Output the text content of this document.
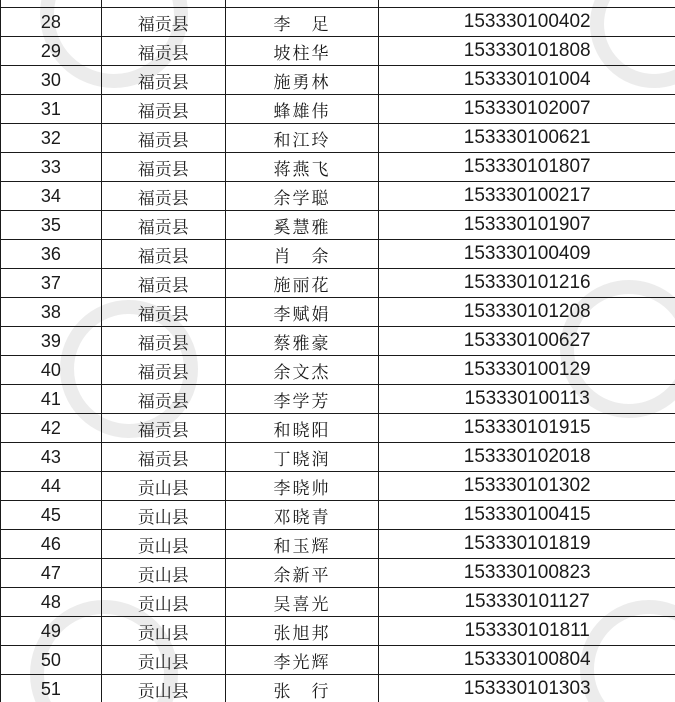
28	福贡县	李　足	153330100402
29	福贡县	坡柱华	153330101808
30	福贡县	施勇林	153330101004
31	福贡县	蜂雄伟	153330102007
32	福贡县	和江玲	153330100621
33	福贡县	蒋燕飞	153330101807
34	福贡县	余学聪	153330100217
35	福贡县	奚慧雅	153330101907
36	福贡县	肖　余	153330100409
37	福贡县	施丽花	153330101216
38	福贡县	李赋娟	153330101208
39	福贡县	蔡雅豪	153330100627
40	福贡县	余文杰	153330100129
41	福贡县	李学芳	153330100113
42	福贡县	和晓阳	153330101915
43	福贡县	丁晓润	153330102018
44	贡山县	李晓帅	153330101302
45	贡山县	邓晓青	153330100415
46	贡山县	和玉辉	153330101819
47	贡山县	余新平	153330100823
48	贡山县	吴喜光	153330101127
49	贡山县	张旭邦	153330101811
50	贡山县	李光辉	153330100804
51	贡山县	张　行	153330101303
